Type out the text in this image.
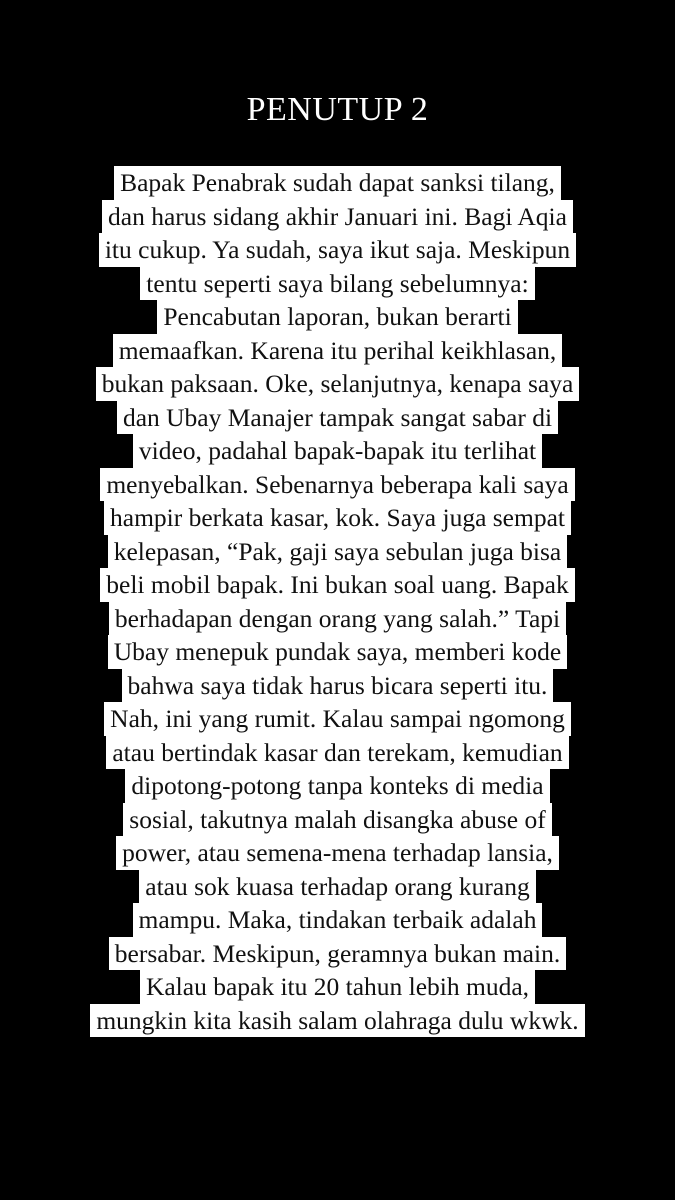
PENUTUP 2
Bapak Penabrak sudah dapat sanksi tilang,
dan harus sidang akhir Januari ini. Bagi Aqia
itu cukup. Ya sudah, saya ikut saja. Meskipun
tentu seperti saya bilang sebelumnya:
Pencabutan laporan, bukan berarti
memaafkan. Karena itu perihal keikhlasan,
bukan paksaan. Oke, selanjutnya, kenapa saya
dan Ubay Manajer tampak sangat sabar di
video, padahal bapak-bapak itu terlihat
menyebalkan. Sebenarnya beberapa kali saya
hampir berkata kasar, kok. Saya juga sempat
kelepasan, “Pak, gaji saya sebulan juga bisa
beli mobil bapak. Ini bukan soal uang. Bapak
berhadapan dengan orang yang salah.” Tapi
Ubay menepuk pundak saya, memberi kode
bahwa saya tidak harus bicara seperti itu.
Nah, ini yang rumit. Kalau sampai ngomong
atau bertindak kasar dan terekam, kemudian
dipotong-potong tanpa konteks di media
sosial, takutnya malah disangka abuse of
power, atau semena-mena terhadap lansia,
atau sok kuasa terhadap orang kurang
mampu. Maka, tindakan terbaik adalah
bersabar. Meskipun, geramnya bukan main.
Kalau bapak itu 20 tahun lebih muda,
mungkin kita kasih salam olahraga dulu wkwk.
